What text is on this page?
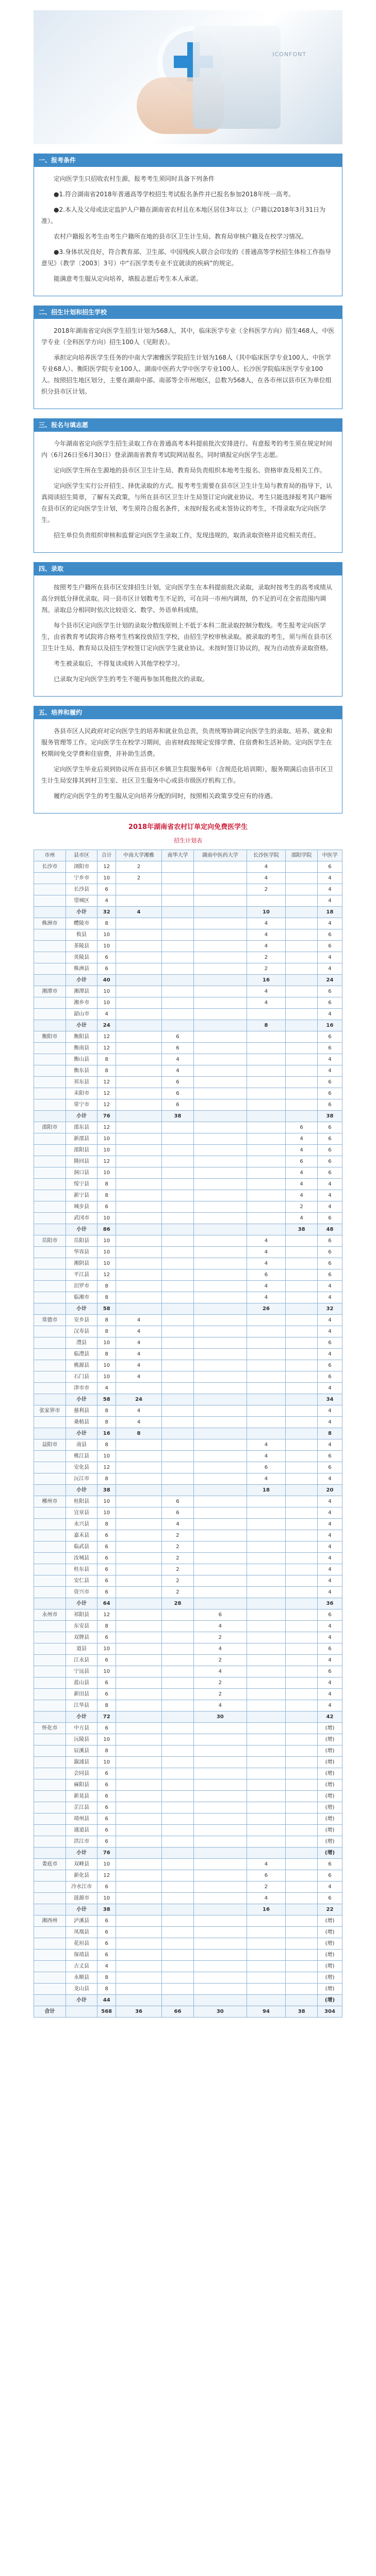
ICONFONT
一、报考条件

定向医学生只招收农村生源，报考考生须同时具备下列条件

●1.符合湖南省2018年普通高等学校招生考试报名条件并已报名参加2018年统一高考。

●2.本人及父母或法定监护人户籍在湖南省农村且在本地区居住3年以上（户籍以2018年3月31日为准）。

农村户籍报名考生由考生户籍所在地的县市区卫生计生局、教育局审核户籍及在校学习情况。

●3.身体状况良好，符合教育部、卫生部、中国残疾人联合会印发的《普通高等学校招生体检工作指导意见》（教学〔2003〕3号）中“石医学类专业不宜就读的疾病”的规定。

能满意考生服从定向培养，填报志愿后考生本人承诺。

二、招生计划和招生学校

2018年湖南省定向医学生招生计划为568人，其中，临床医学专业（全科医学方向）招生468人，中医学专业（全科医学方向）招生100人（见附表）。

承担定向培养医学生任务的中南大学湘雅医学院招生计划为168人（其中临床医学专业100人、中医学专业68人）、衡阳医学院专业100人、湖南中医药大学中医学专业100人、长沙医学院临床医学专业100人。按照招生地区划分，主要在湖南中部、南部等全市州地区，总数为568人，在各市州以县市区为单位组织分县市区计划。

三、报名与填志愿

今年湖南省定向医学生招生录取工作在普通高考本科提前批次安排进行。有意报考的考生须在规定时间内（6月26日至6月30日）登录湖南省教育考试院网站报名，同时填报定向医学生志愿。

定向医学生所在生源地的县市区卫生计生局、教育局负责组织本地考生报名、资格审查及相关工作。

定向医学生实行公开招生、择优录取的方式。报考考生需要在县市区卫生计生局与教育局的指导下，认真阅读招生简章，了解有关政策，与所在县市区卫生计生局签订定向就业协议。考生只能选择报考其户籍所在县市区的定向医学生计划，考生须符合报名条件，未按时报名或未签协议的考生，不得录取为定向医学生。

招生单位负责组织审核和监督定向医学生录取工作，发现违规的，取消录取资格并追究相关责任。

四、录取

按照考生户籍所在县市区安排招生计划，定向医学生在本科提前批次录取，录取时按考生的高考成绩从高分到低分择优录取。同一县市区计划数考生不足的，可在同一市州内调剂，仍不足的可在全省范围内调剂。录取总分相同时依次比较语文、数学、外语单科成绩。

每个县市区定向医学生计划的录取分数线原则上不低于本科二批录取控制分数线。考生报考定向医学生，由省教育考试院将合格考生档案投放招生学校，由招生学校审核录取。被录取的考生，须与所在县市区卫生计生局、教育局以及招生学校签订定向医学生就业协议。未按时签订协议的，视为自动放弃录取资格。

考生被录取后，不得复读或转入其他学校学习。

已录取为定向医学生的考生不能再参加其他批次的录取。

五、培养和履约

各县市区人民政府对定向医学生的培养和就业负总责，负责统筹协调定向医学生的录取、培养、就业和服务管理等工作。定向医学生在校学习期间，由省财政按规定安排学费、住宿费和生活补助。定向医学生在校期间免交学费和住宿费，并补助生活费。

定向医学生毕业后须到协议所在县市区乡镇卫生院服务6年（含规范化培训期），服务期满后由县市区卫生计生局安排其到村卫生室、社区卫生服务中心或县市级医疗机构工作。

履约定向医学生的考生服从定向培养分配的同时，按照相关政策享受应有的待遇。

2018年湖南省农村订单定向免费医学生
招生计划表
市州	县市区	合计	中南大学湘雅	南华大学	湖南中医药大学	长沙医学院	邵阳学院	中医学
长沙市	浏阳市	12	2			4		6
	宁乡市	10	2			4		4
	长沙县	6				2		4
	望城区	4						4
	小计	32	4			10		18
株洲市	醴陵市	8				4		4
	攸县	10				4		6
	茶陵县	10				4		6
	炎陵县	6				2		4
	株洲县	6				2		4
	小计	40				16		24
湘潭市	湘潭县	10				4		6
	湘乡市	10				4		6
	韶山市	4						4
	小计	24				8		16
衡阳市	衡阳县	12		6				6
	衡南县	12		6				6
	衡山县	8		4				4
	衡东县	8		4				4
	祁东县	12		6				6
	耒阳市	12		6				6
	常宁市	12		6				6
	小计	76		38				38
邵阳市	邵东县	12					6	6
	新邵县	10					4	6
	邵阳县	10					4	6
	隆回县	12					6	6
	洞口县	10					4	6
	绥宁县	8					4	4
	新宁县	8					4	4
	城步县	6					2	4
	武冈市	10					4	6
	小计	86					38	48
岳阳市	岳阳县	10				4		6
	华容县	10				4		6
	湘阴县	10				4		6
	平江县	12				6		6
	汨罗市	8				4		4
	临湘市	8				4		4
	小计	58				26		32
常德市	安乡县	8	4					4
	汉寿县	8	4					4
	澧县	10	4					6
	临澧县	8	4					4
	桃源县	10	4					6
	石门县	10	4					6
	津市市	4						4
	小计	58	24					34
张家界市	慈利县	8	4					4
	桑植县	8	4					4
	小计	16	8					8
益阳市	南县	8				4		4
	桃江县	10				4		6
	安化县	12				6		6
	沅江市	8				4		4
	小计	38				18		20
郴州市	桂阳县	10		6				4
	宜章县	10		6				4
	永兴县	8		4				4
	嘉禾县	6		2				4
	临武县	6		2				4
	汝城县	6		2				4
	桂东县	6		2				4
	安仁县	6		2				4
	资兴市	6		2				4
	小计	64		28				36
永州市	祁阳县	12			6			6
	东安县	8			4			4
	双牌县	6			2			4
	道县	10			4			6
	江永县	6			2			4
	宁远县	10			4			6
	蓝山县	6			2			4
	新田县	6			2			4
	江华县	8			4			4
	小计	72			30			42
怀化市	中方县	6						(增)
	沅陵县	10						(增)
	辰溪县	8						(增)
	溆浦县	10						(增)
	会同县	6						(增)
	麻阳县	6						(增)
	新晃县	6						(增)
	芷江县	6						(增)
	靖州县	6						(增)
	通道县	6						(增)
	洪江市	6						(增)
	小计	76						(增)
娄底市	双峰县	10				4		6
	新化县	12				6		6
	冷水江市	6				2		4
	涟源市	10				4		6
	小计	38				16		22
湘西州	泸溪县	6						(增)
	凤凰县	6						(增)
	花垣县	6						(增)
	保靖县	6						(增)
	古丈县	4						(增)
	永顺县	8						(增)
	龙山县	8						(增)
	小计	44						(增)
合计		568	36	66	30	94	38	304
